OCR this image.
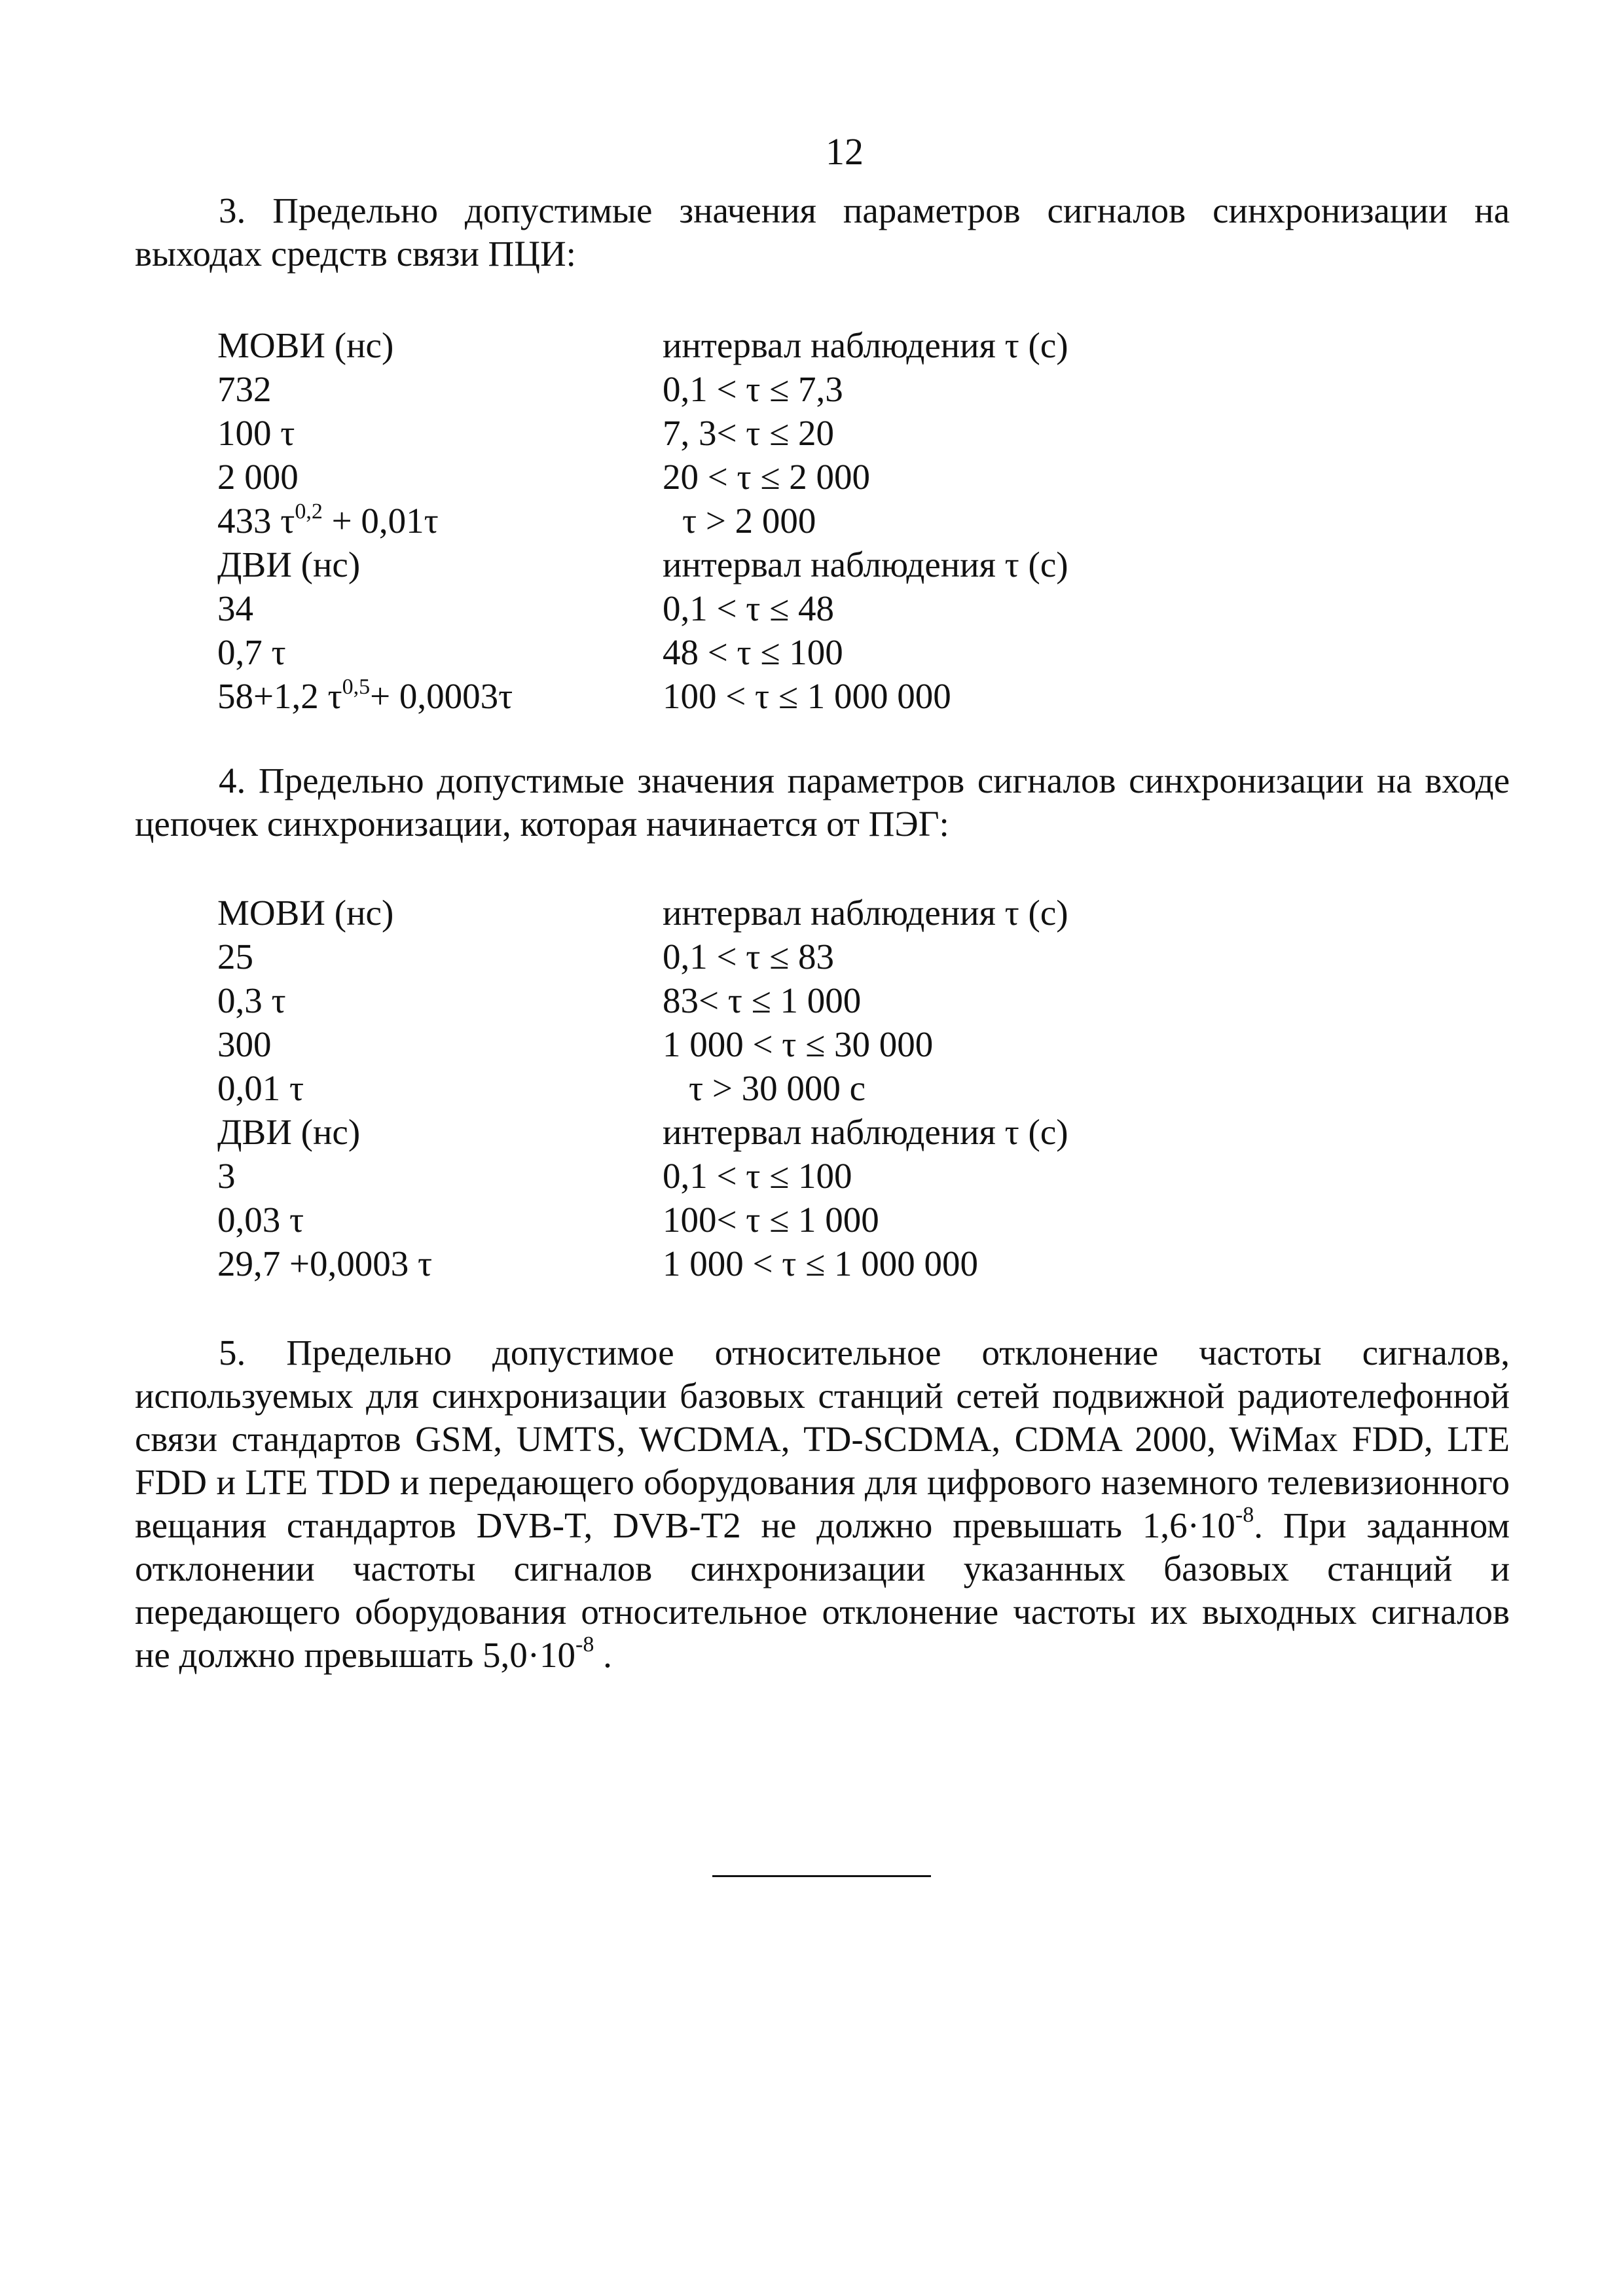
12
3. Предельно допустимые значения параметров сигналов синхронизации на выходах средств связи ПЦИ:
МОВИ (нс)	интервал наблюдения τ (с)
732	0,1 < τ ≤ 7,3
100 τ	7, 3< τ ≤ 20
2 000	20 < τ ≤ 2 000
433 $\tau^{0,2} + 0,01\tau$	τ > 2 000
ДВИ (нс)	интервал наблюдения τ (с)
34	0,1 < τ ≤ 48
0,7 τ	48 < τ ≤ 100
58+1,2 $\tau^{0,5}+ 0,0003\tau$	100 < τ ≤ 1 000 000
4. Предельно допустимые значения параметров сигналов синхронизации на входе цепочек синхронизации, которая начинается от ПЭГ:
МОВИ (нс)	интервал наблюдения τ (с)
25	0,1 < τ ≤ 83
0,3 τ	83< τ ≤ 1 000
300	1 000 < τ ≤ 30 000
0,01 τ	τ > 30 000 с
ДВИ (нс)	интервал наблюдения τ (с)
3	0,1 < τ ≤ 100
0,03 τ	100< τ ≤ 1 000
29,7 +0,0003 τ	1 000 < τ ≤ 1 000 000
5. Предельно допустимое относительное отклонение частоты сигналов, используемых для синхронизации базовых станций сетей подвижной радиотелефонной связи стандартов GSM, UMTS, WCDMA, TD-SCDMA, CDMA 2000, WiMax FDD, LTE FDD и LTE TDD и передающего оборудования для цифрового наземного телевизионного вещания стандартов DVB-T, DVB-T2 не должно превышать $1,6\cdot 10^{-8}$. При заданном отклонении частоты сигналов синхронизации указанных базовых станций и передающего оборудования относительное отклонение частоты их выходных сигналов не должно превышать $5,0\cdot 10^{-8}$ .
